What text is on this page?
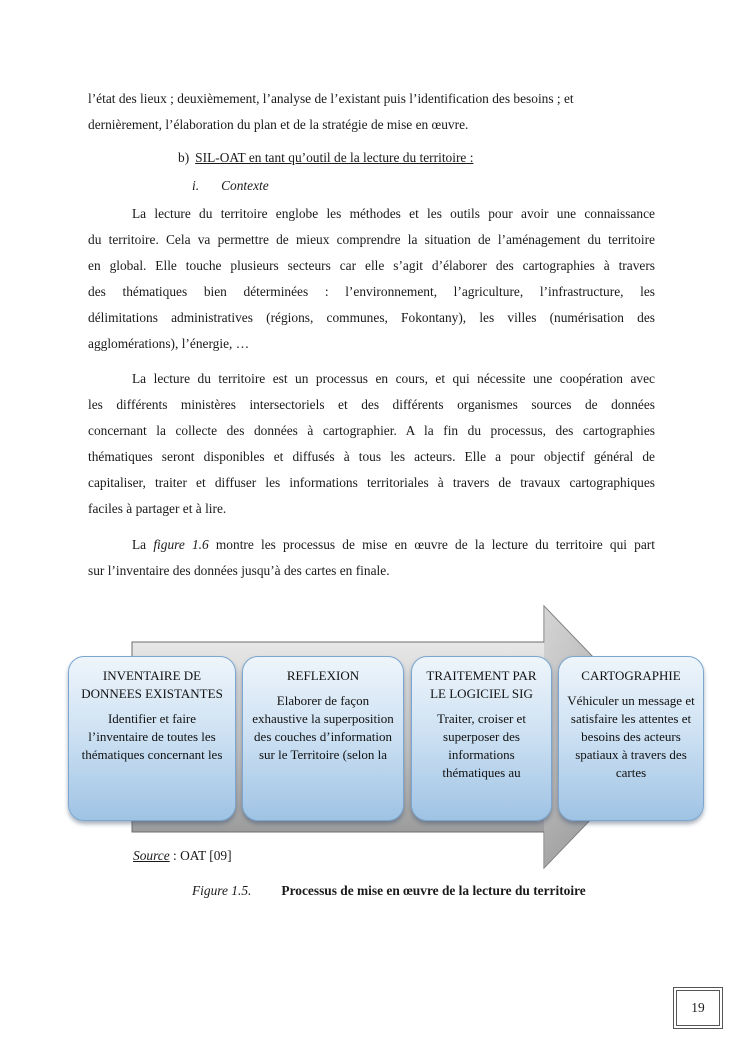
l’état des lieux ; deuxièmement, l’analyse de l’existant puis l’identification des besoins ; et
dernièrement, l’élaboration du plan et de la stratégie de mise en œuvre.
b) SIL-OAT en tant qu’outil de la lecture du territoire :
i. Contexte
La lecture du territoire englobe les méthodes et les outils pour avoir une connaissance
du territoire. Cela va permettre de mieux comprendre la situation de l’aménagement du territoire
en global. Elle touche plusieurs secteurs car elle s’agit d’élaborer des cartographies à travers
des thématiques bien déterminées : l’environnement, l’agriculture, l’infrastructure, les
délimitations administratives (régions, communes, Fokontany), les villes (numérisation des
agglomérations), l’énergie, …
La lecture du territoire est un processus en cours, et qui nécessite une coopération avec
les différents ministères intersectoriels et des différents organismes sources de données
concernant la collecte des données à cartographier. A la fin du processus, des cartographies
thématiques seront disponibles et diffusés à tous les acteurs. Elle a pour objectif général de
capitaliser, traiter et diffuser les informations territoriales à travers de travaux cartographiques
faciles à partager et à lire.
La figure 1.6 montre les processus de mise en œuvre de la lecture du territoire qui part
sur l’inventaire des données jusqu’à des cartes en finale.
INVENTAIRE DE DONNEES EXISTANTES
Identifier et faire l’inventaire de toutes les thématiques concernant les
REFLEXION
Elaborer de façon exhaustive la superposition des couches d’information sur le Territoire (selon la
TRAITEMENT PAR LE LOGICIEL SIG
Traiter, croiser et superposer des informations thématiques au
CARTOGRAPHIE
Véhiculer un message et satisfaire les attentes et besoins des acteurs spatiaux à travers des cartes
Source : OAT [09]
Figure 1.5. Processus de mise en œuvre de la lecture du territoire
19
